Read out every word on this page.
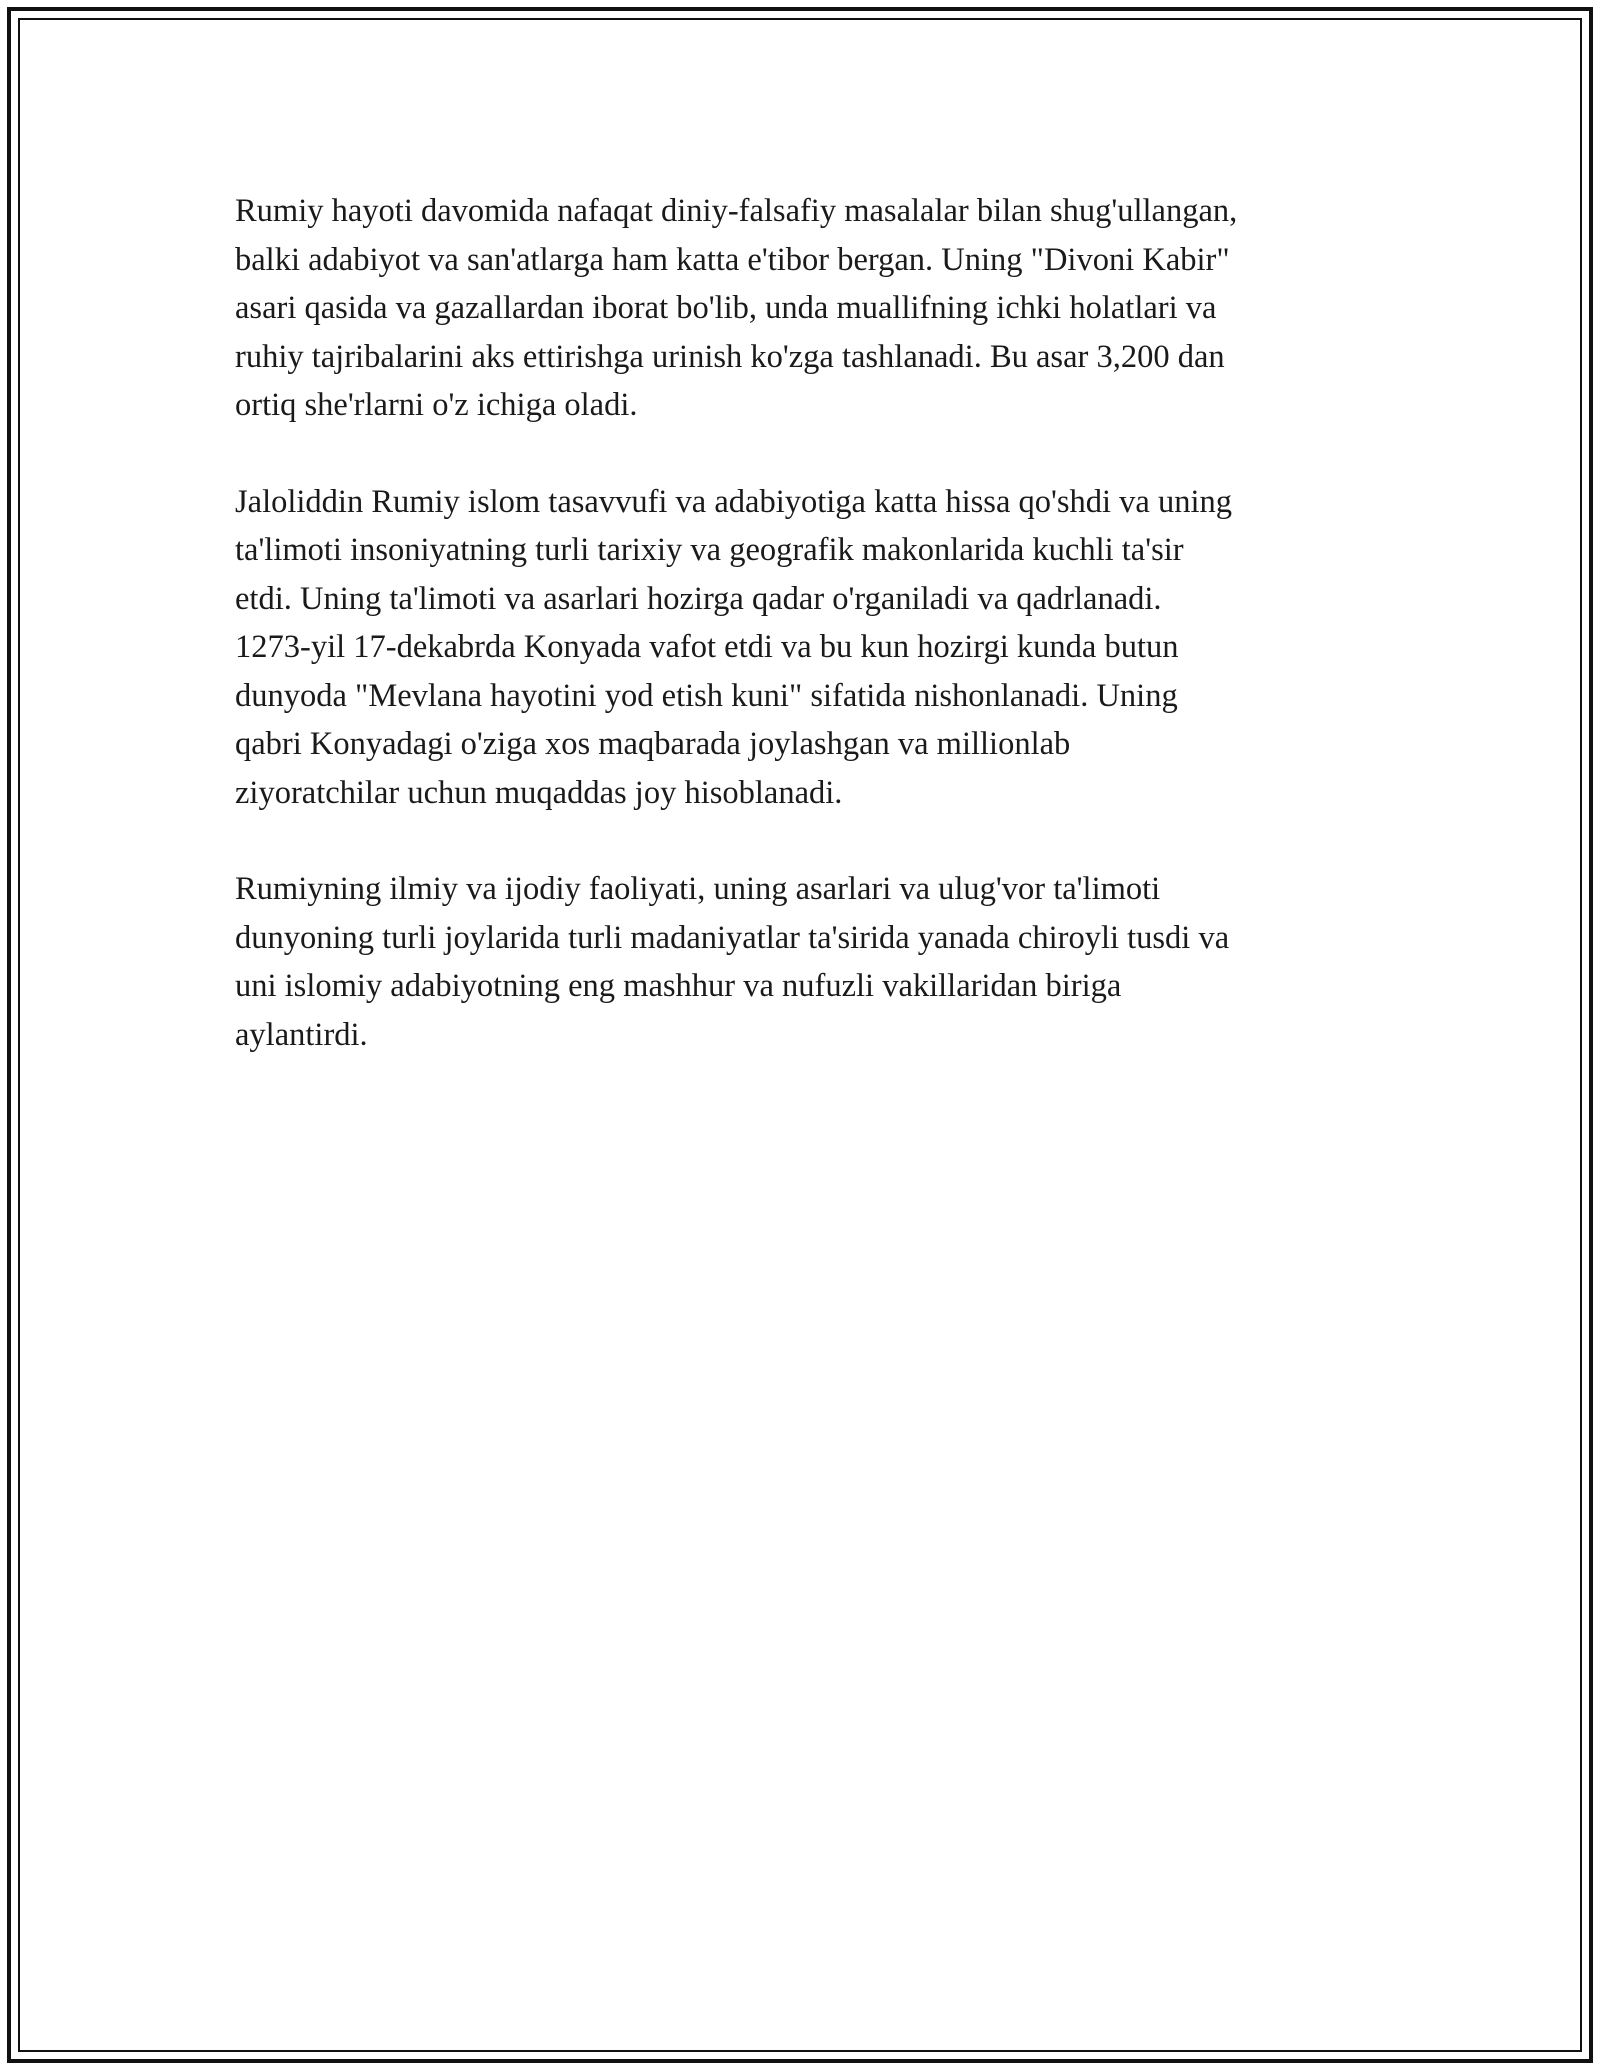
Rumiy hayoti davomida nafaqat diniy-falsafiy masalalar bilan shug'ullangan,
balki adabiyot va san'atlarga ham katta e'tibor bergan. Uning "Divoni Kabir"
asari qasida va gazallardan iborat bo'lib, unda muallifning ichki holatlari va
ruhiy tajribalarini aks ettirishga urinish ko'zga tashlanadi. Bu asar 3,200 dan
ortiq she'rlarni o'z ichiga oladi.

Jaloliddin Rumiy islom tasavvufi va adabiyotiga katta hissa qo'shdi va uning
ta'limoti insoniyatning turli tarixiy va geografik makonlarida kuchli ta'sir
etdi. Uning ta'limoti va asarlari hozirga qadar o'rganiladi va qadrlanadi.
1273-yil 17-dekabrda Konyada vafot etdi va bu kun hozirgi kunda butun
dunyoda "Mevlana hayotini yod etish kuni" sifatida nishonlanadi. Uning
qabri Konyadagi o'ziga xos maqbarada joylashgan va millionlab
ziyoratchilar uchun muqaddas joy hisoblanadi.

Rumiyning ilmiy va ijodiy faoliyati, uning asarlari va ulug'vor ta'limoti
dunyoning turli joylarida turli madaniyatlar ta'sirida yanada chiroyli tusdi va
uni islomiy adabiyotning eng mashhur va nufuzli vakillaridan biriga
aylantirdi.
